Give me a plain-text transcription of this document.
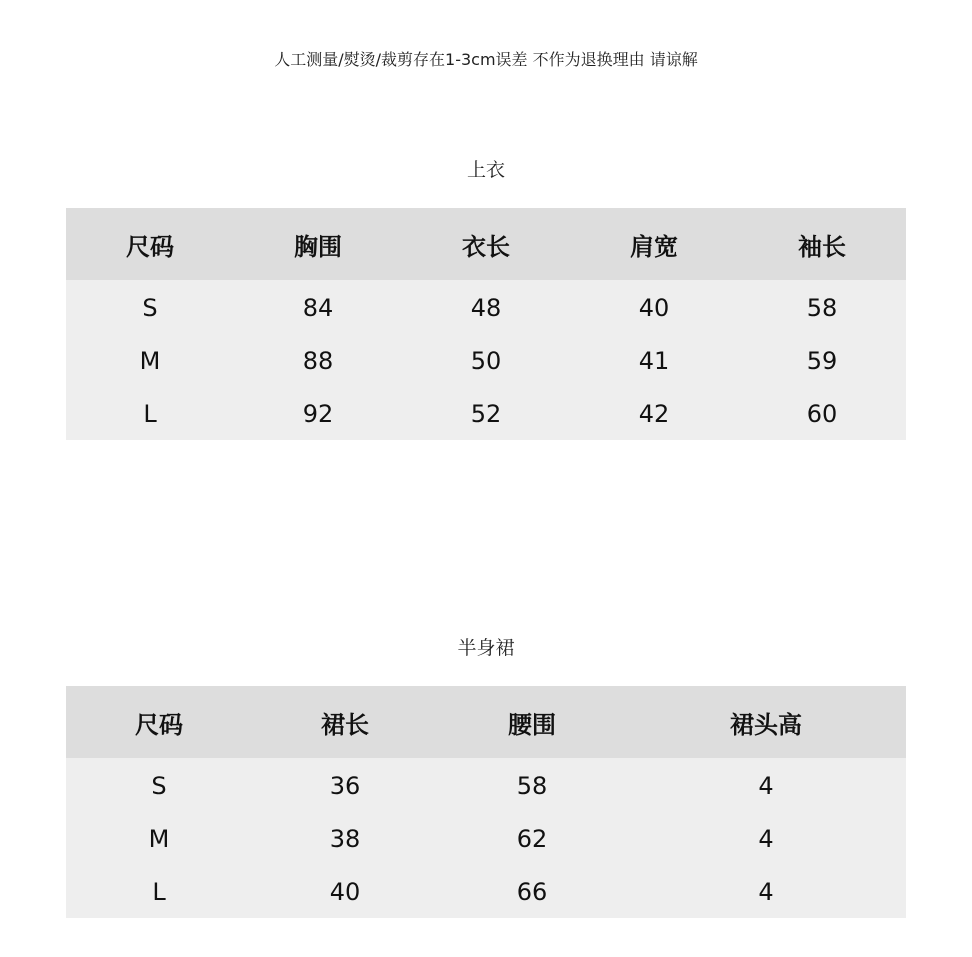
人工测量/熨烫/裁剪存在1-3cm误差 不作为退换理由 请谅解
上衣
尺码	胸围	衣长	肩宽	袖长
S	84	48	40	58
M	88	50	41	59
L	92	52	42	60
半身裙
尺码	裙长	腰围	裙头高
S	36	58	4
M	38	62	4
L	40	66	4
